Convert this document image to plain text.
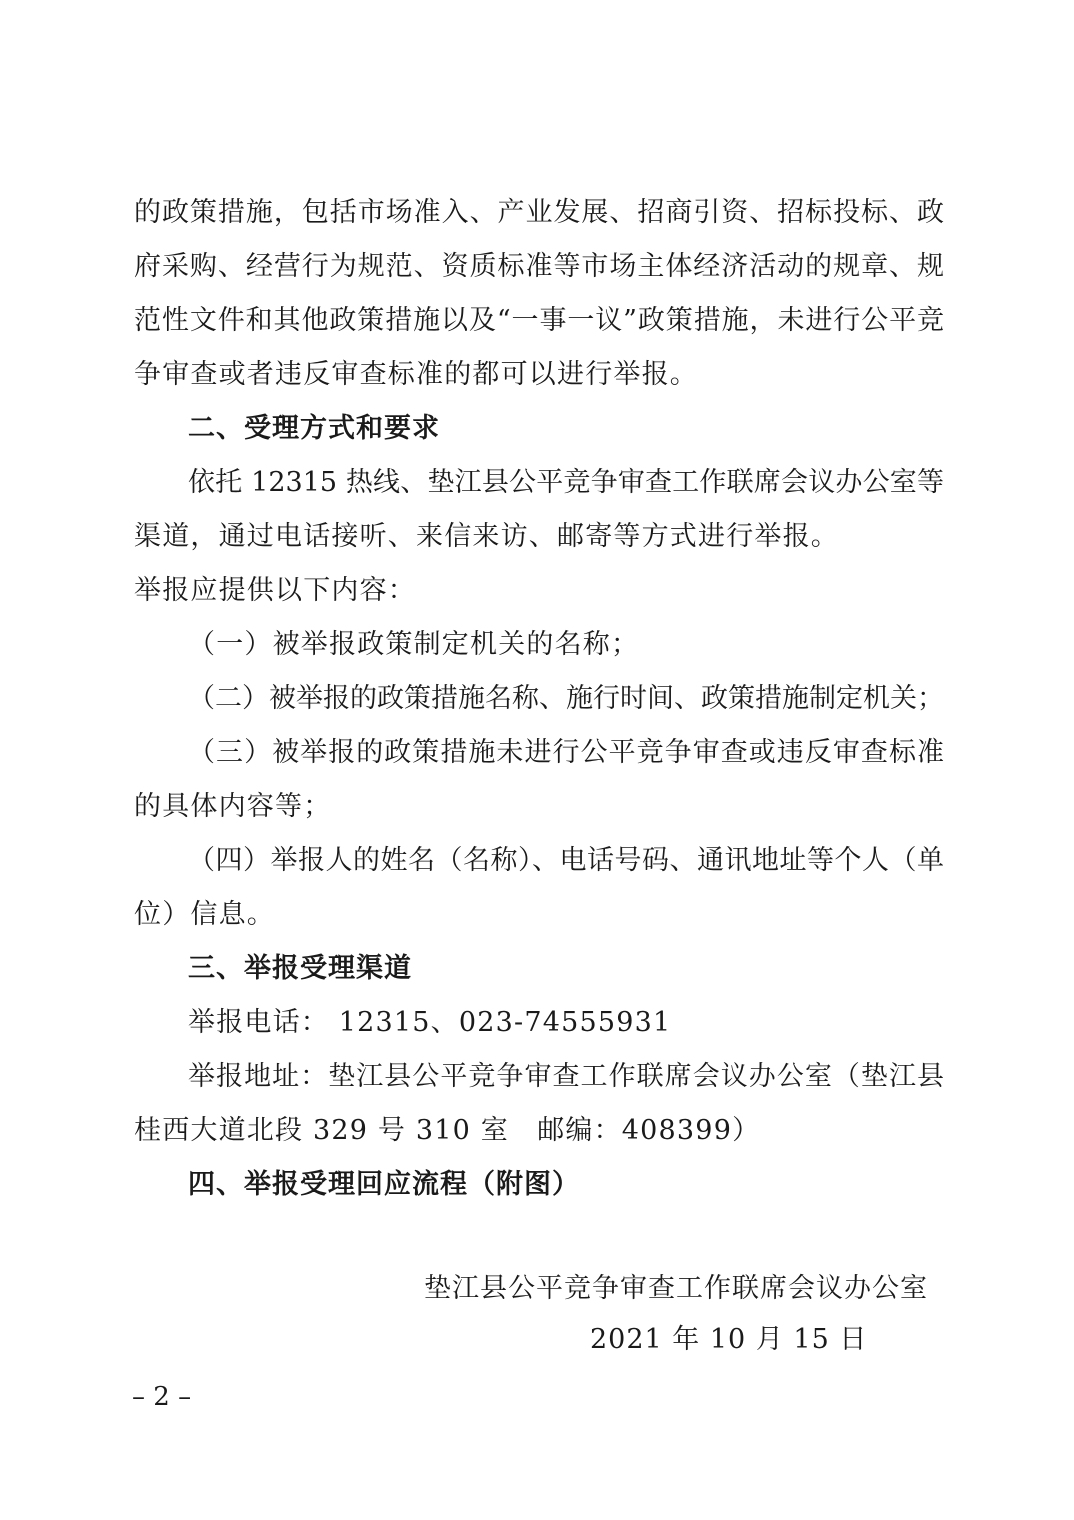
的政策措施，包括市场准入、产业发展、招商引资、招标投标、政
府采购、经营行为规范、资质标准等市场主体经济活动的规章、规
范性文件和其他政策措施以及“一事一议”政策措施，未进行公平竞
争审查或者违反审查标准的都可以进行举报。
二、受理方式和要求
依托 12315 热线、垫江县公平竞争审查工作联席会议办公室等
渠道，通过电话接听、来信来访、邮寄等方式进行举报。
举报应提供以下内容：
（一）被举报政策制定机关的名称；
（二）被举报的政策措施名称、施行时间、政策措施制定机关；
（三）被举报的政策措施未进行公平竞争审查或违反审查标准
的具体内容等；
（四）举报人的姓名（名称）、电话号码、通讯地址等个人（单
位）信息。
三、举报受理渠道
举报电话： 12315、023-74555931
举报地址：垫江县公平竞争审查工作联席会议办公室（垫江县
桂西大道北段 329 号 310 室　邮编：408399）
四、举报受理回应流程（附图）
垫江县公平竞争审查工作联席会议办公室
2021 年 10 月 15 日
– 2 –
